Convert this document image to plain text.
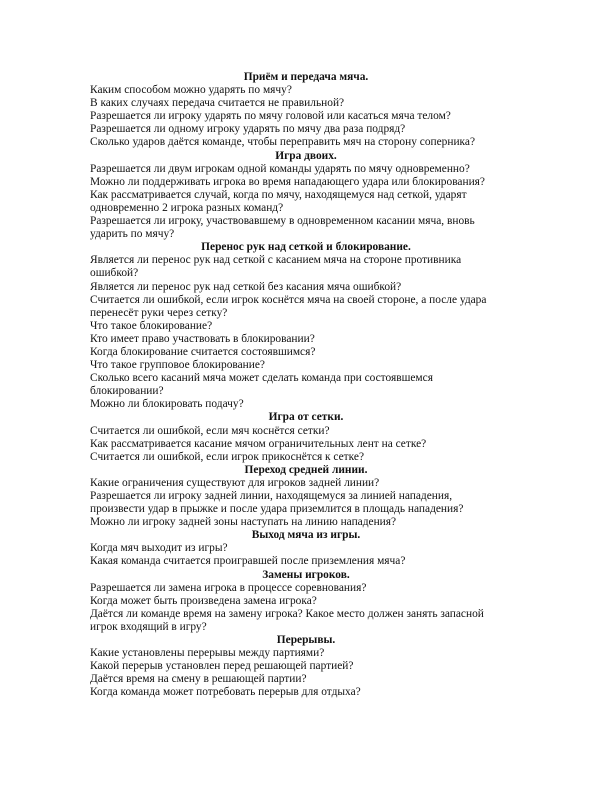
Приём и передача мяча.
Каким способом можно ударять по мячу?
В каких случаях передача считается не правильной?
Разрешается ли игроку ударять по мячу головой или касаться мяча телом?
Разрешается ли одному игроку ударять по мячу два раза подряд?
Сколько ударов даётся команде, чтобы переправить мяч на сторону соперника?
Игра двоих.
Разрешается ли двум игрокам одной команды ударять по мячу одновременно?
Можно ли поддерживать игрока во время нападающего удара или блокирования?
Как рассматривается случай, когда по мячу, находящемуся над сеткой, ударят
одновременно 2 игрока разных команд?
Разрешается ли игроку, участвовавшему в одновременном касании мяча, вновь
ударить по мячу?
Перенос рук над сеткой и блокирование.
Является ли перенос рук над сеткой с касанием мяча на стороне противника
ошибкой?
Является ли перенос рук над сеткой без касания мяча ошибкой?
Считается ли ошибкой, если игрок коснётся мяча на своей стороне, а после удара
перенесёт руки через сетку?
Что такое блокирование?
Кто имеет право участвовать в блокировании?
Когда блокирование считается состоявшимся?
Что такое групповое блокирование?
Сколько всего касаний мяча может сделать команда при состоявшемся
блокировании?
Можно ли блокировать подачу?
Игра от сетки.
Считается ли ошибкой, если мяч коснётся сетки?
Как рассматривается касание мячом ограничительных лент на сетке?
Считается ли ошибкой, если игрок прикоснётся к сетке?
Переход средней линии.
Какие ограничения существуют для игроков задней линии?
Разрешается ли игроку задней линии, находящемуся за линией нападения,
произвести удар в прыжке и после удара приземлится в площадь нападения?
Можно ли игроку задней зоны наступать на линию нападения?
Выход мяча из игры.
Когда мяч выходит из игры?
Какая команда считается проигравшей после приземления мяча?
Замены игроков.
Разрешается ли замена игрока в процессе соревнования?
Когда может быть произведена замена игрока?
Даётся ли команде время на замену игрока? Какое место должен занять запасной
игрок входящий в игру?
Перерывы.
Какие установлены перерывы между партиями?
Какой перерыв установлен перед решающей партией?
Даётся время на смену в решающей партии?
Когда команда может потребовать перерыв для отдыха?
